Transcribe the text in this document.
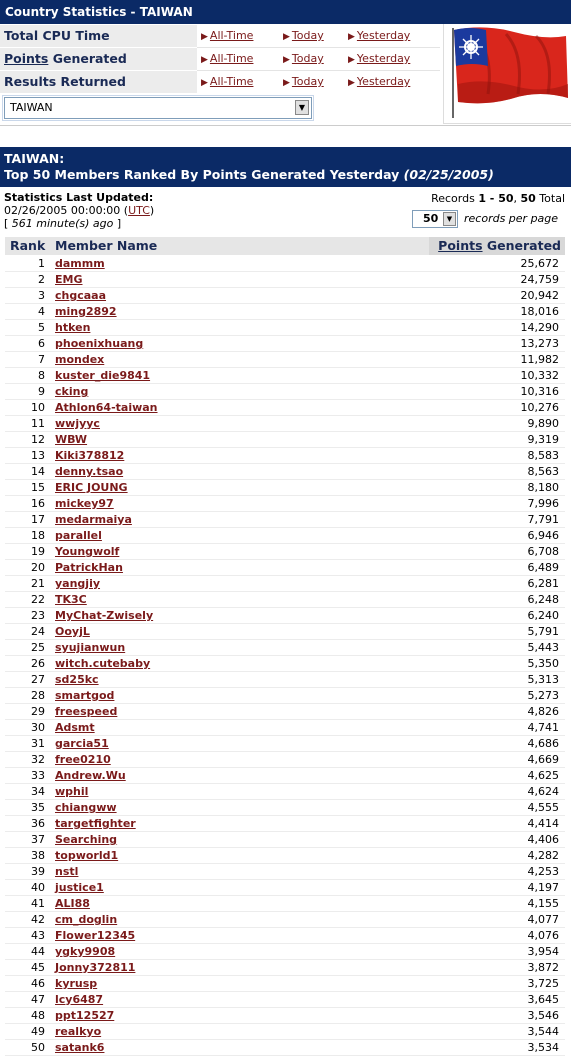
Country Statistics - TAIWAN
Total CPU Time	▶ All-Time	▶ Today	▶ Yesterday
Points Generated	▶ All-Time	▶ Today	▶ Yesterday
Results Returned	▶ All-Time	▶ Today	▶ Yesterday
TAIWAN	▼
TAIWAN:
Top 50 Members Ranked By Points Generated Yesterday (02/25/2005)
Statistics Last Updated:
02/26/2005 00:00:00 (UTC)
[ 561 minute(s) ago ]
Records 1 - 50, 50 Total
50	▼	records per page
Rank Member Name	Points Generated
1 dammm	25,672
2 EMG	24,759
3 chgcaaa	20,942
4 ming2892	18,016
5 htken	14,290
6 phoenixhuang	13,273
7 mondex	11,982
8 kuster_die9841	10,332
9 cking	10,316
10 Athlon64-taiwan	10,276
11 wwjyyc	9,890
12 WBW	9,319
13 Kiki378812	8,583
14 denny.tsao	8,563
15 ERIC JOUNG	8,180
16 mickey97	7,996
17 medarmaiya	7,791
18 parallel	6,946
19 Youngwolf	6,708
20 PatrickHan	6,489
21 yangjiy	6,281
22 TK3C	6,248
23 MyChat-Zwisely	6,240
24 OoyjL	5,791
25 syujianwun	5,443
26 witch.cutebaby	5,350
27 sd25kc	5,313
28 smartgod	5,273
29 freespeed	4,826
30 Adsmt	4,741
31 garcia51	4,686
32 free0210	4,669
33 Andrew.Wu	4,625
34 wphil	4,624
35 chiangww	4,555
36 targetfighter	4,414
37 Searching	4,406
38 topworld1	4,282
39 nstl	4,253
40 justice1	4,197
41 ALI88	4,155
42 cm_doglin	4,077
43 Flower12345	4,076
44 ygky9908	3,954
45 Jonny372811	3,872
46 kyrusp	3,725
47 lcy6487	3,645
48 ppt12527	3,546
49 realkyo	3,544
50 satank6	3,534
